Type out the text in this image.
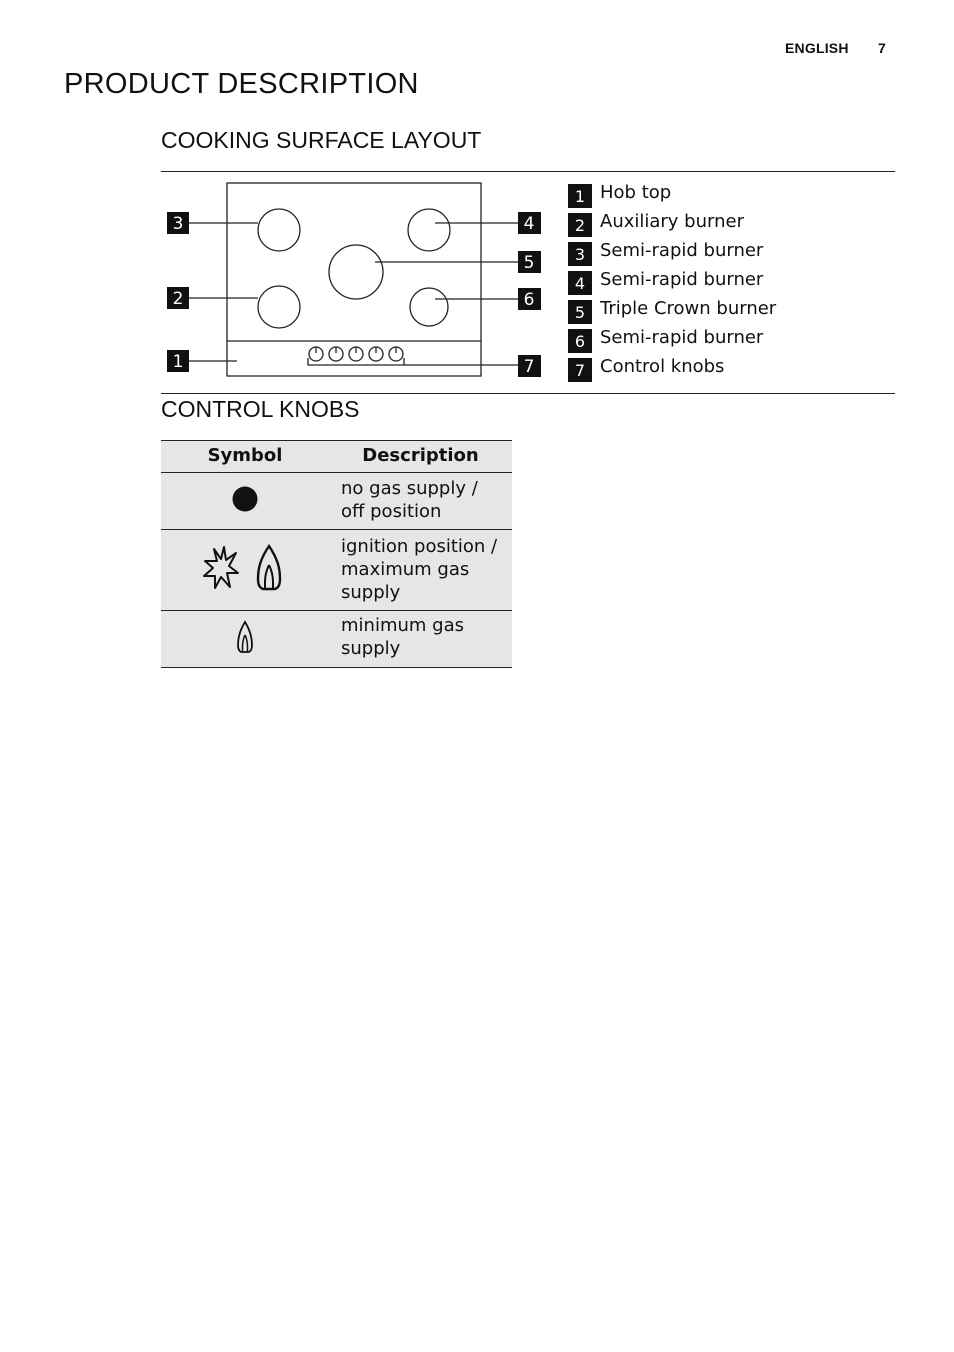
ENGLISH 7
PRODUCT DESCRIPTION
COOKING SURFACE LAYOUT
3
2
1
4
5
6
7
1 Hob top
2 Auxiliary burner
3 Semi-rapid burner
4 Semi-rapid burner
5 Triple Crown burner
6 Semi-rapid burner
7 Control knobs
CONTROL KNOBS
Symbol	Description
	no gas supply / off position
	ignition position / maximum gas supply
	minimum gas supply
